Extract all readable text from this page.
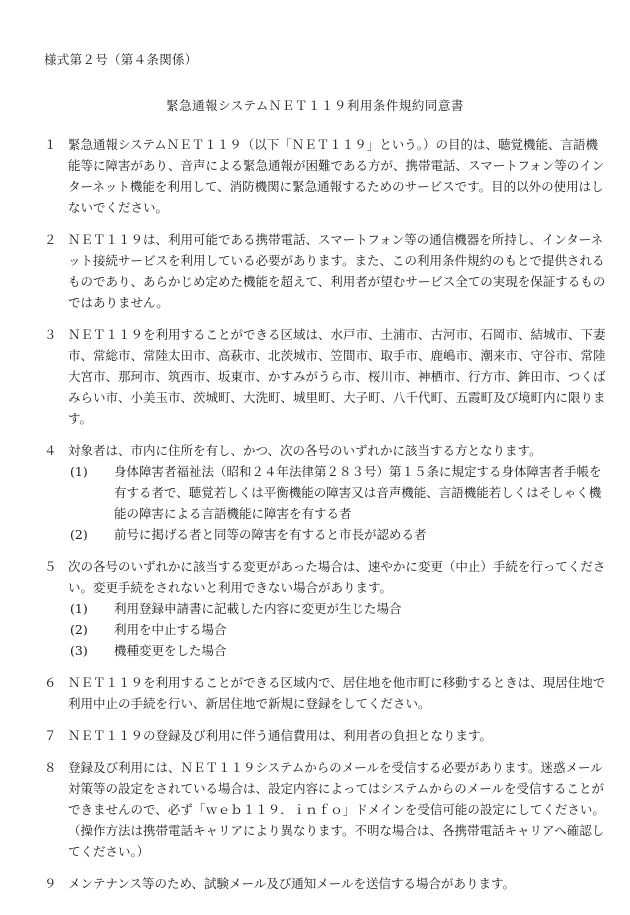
様式第２号（第４条関係）
緊急通報システムＮＥＴ１１９利用条件規約同意書
１ 緊急通報システムＮＥＴ１１９（以下「ＮＥＴ１１９」という。）の目的は、聴覚機能、言語機能等に障害があり、音声による緊急通報が困難である方が、携帯電話、スマートフォン等のインターネット機能を利用して、消防機関に緊急通報するためのサービスです。目的以外の使用はしないでください。
２ ＮＥＴ１１９は、利用可能である携帯電話、スマートフォン等の通信機器を所持し、インターネット接続サービスを利用している必要があります。また、この利用条件規約のもとで提供されるものであり、あらかじめ定めた機能を超えて、利用者が望むサービス全ての実現を保証するものではありません。
３ ＮＥＴ１１９を利用することができる区域は、水戸市、土浦市、古河市、石岡市、結城市、下妻市、常総市、常陸太田市、高萩市、北茨城市、笠間市、取手市、鹿嶋市、潮来市、守谷市、常陸大宮市、那珂市、筑西市、坂東市、かすみがうら市、桜川市、神栖市、行方市、鉾田市、つくばみらい市、小美玉市、茨城町、大洗町、城里町、大子町、八千代町、五霞町及び境町内に限ります。
４ 対象者は、市内に住所を有し、かつ、次の各号のいずれかに該当する方となります。
(1) 身体障害者福祉法（昭和２４年法律第２８３号）第１５条に規定する身体障害者手帳を有する者で、聴覚若しくは平衡機能の障害又は音声機能、言語機能若しくはそしゃく機能の障害による言語機能に障害を有する者
(2) 前号に掲げる者と同等の障害を有すると市長が認める者
５ 次の各号のいずれかに該当する変更があった場合は、速やかに変更（中止）手続を行ってください。変更手続をされないと利用できない場合があります。
(1) 利用登録申請書に記載した内容に変更が生じた場合
(2) 利用を中止する場合
(3) 機種変更をした場合
６ ＮＥＴ１１９を利用することができる区域内で、居住地を他市町に移動するときは、現居住地で利用中止の手続を行い、新居住地で新規に登録をしてください。
７ ＮＥＴ１１９の登録及び利用に伴う通信費用は、利用者の負担となります。
８ 登録及び利用には、ＮＥＴ１１９システムからのメールを受信する必要があります。迷惑メール対策等の設定をされている場合は、設定内容によってはシステムからのメールを受信することができませんので、必ず「ｗｅｂ１１９．ｉｎｆｏ」ドメインを受信可能の設定にしてください。（操作方法は携帯電話キャリアにより異なります。不明な場合は、各携帯電話キャリアへ確認してください。）
９ メンテナンス等のため、試験メール及び通知メールを送信する場合があります。
